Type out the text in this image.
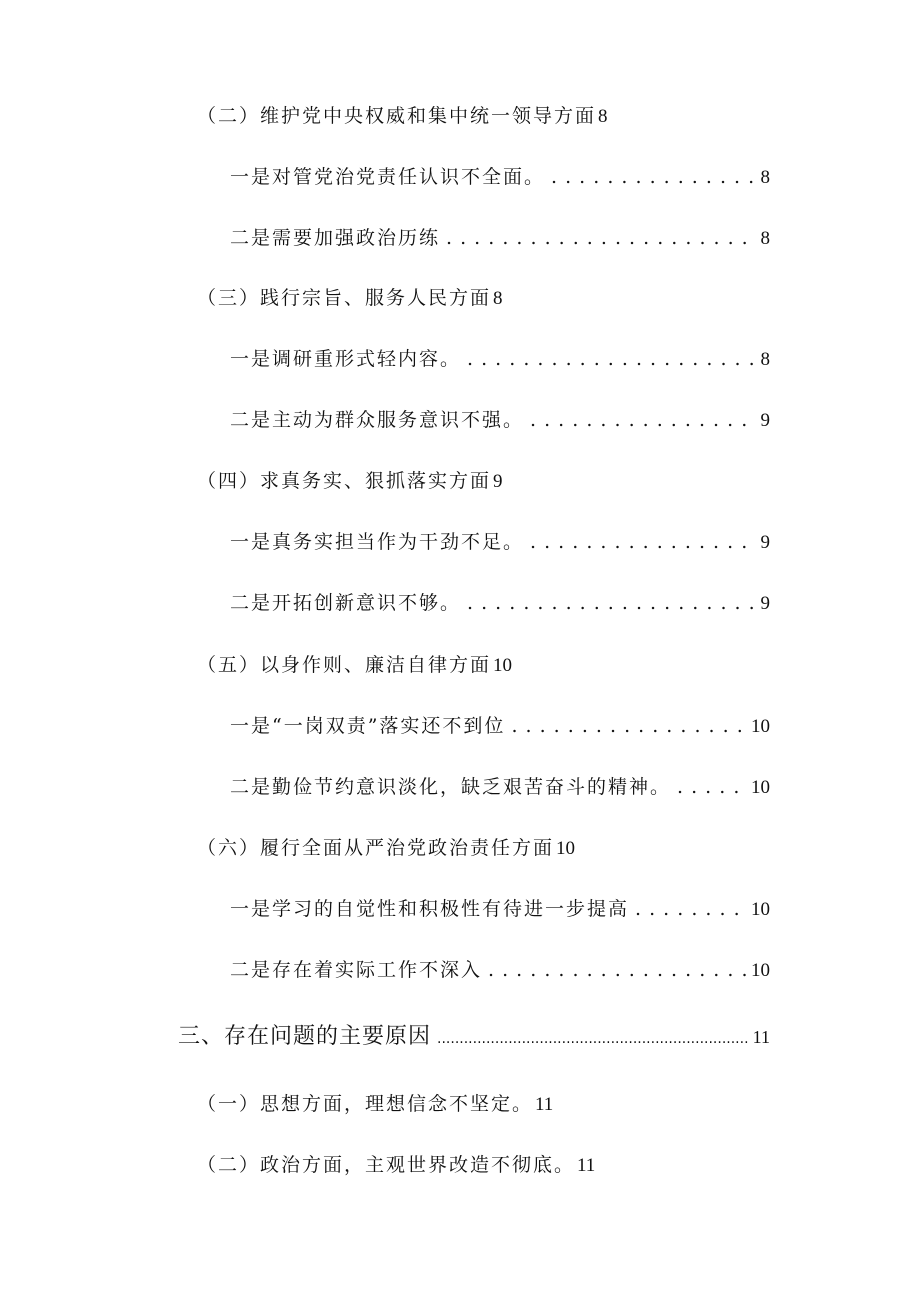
（二）维护党中央权威和集中统一领导方面 8
一是对管党治党责任认识不全面。 . . .	8
二是需要加强政治历练 . . .	8
（三）践行宗旨、服务人民方面 8
一是调研重形式轻内容。 . . .	8
二是主动为群众服务意识不强。 . . .	9
（四）求真务实、狠抓落实方面 9
一是真务实担当作为干劲不足。 . . .	9
二是开拓创新意识不够。 . . .	9
（五）以身作则、廉洁自律方面 10
一是“一岗双责”落实还不到位 . . .	10
二是勤俭节约意识淡化，缺乏艰苦奋斗的精神。 . . .	10
（六）履行全面从严治党政治责任方面 10
一是学习的自觉性和积极性有待进一步提高 . . .	10
二是存在着实际工作不深入 . . .	10
三、存在问题的主要原因 .....	11
（一）思想方面，理想信念不坚定。 11
（二）政治方面，主观世界改造不彻底。 11
